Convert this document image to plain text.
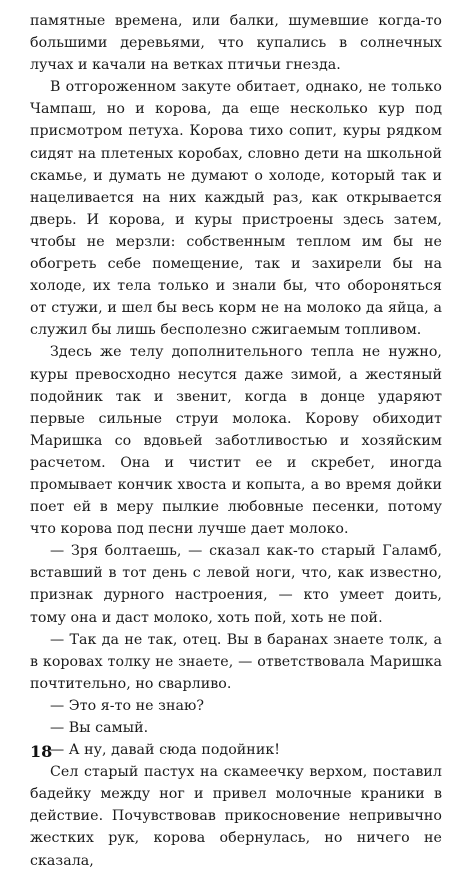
памятные времена, или балки, шумевшие когда-то большими деревьями, что купались в солнечных лучах и качали на ветках птичьи гнезда.

В отгороженном закуте обитает, однако, не только Чампаш, но и корова, да еще несколько кур под присмотром петуха. Корова тихо сопит, куры рядком сидят на плетеных коробах, словно дети на школьной скамье, и думать не думают о холоде, который так и нацеливается на них каждый раз, как открывается дверь. И корова, и куры пристроены здесь затем, чтобы не мерзли: собственным теплом им бы не обогреть себе помещение, так и захирели бы на холоде, их тела только и знали бы, что обороняться от стужи, и шел бы весь корм не на молоко да яйца, а служил бы лишь бесполезно сжигаемым топливом.

Здесь же телу дополнительного тепла не нужно, куры превосходно несутся даже зимой, а жестяный подойник так и звенит, когда в донце ударяют первые сильные струи молока. Корову обиходит Маришка со вдовьей заботливостью и хозяйским расчетом. Она и чистит ее и скребет, иногда промывает кончик хвоста и копыта, а во время дойки поет ей в меру пылкие любовные песенки, потому что корова под песни лучше дает молоко.

— Зря болтаешь, — сказал как-то старый Галамб, вставший в тот день с левой ноги, что, как известно, признак дурного настроения, — кто умеет доить, тому она и даст молоко, хоть пой, хоть не пой.

— Так да не так, отец. Вы в баранах знаете толк, а в коровах толку не знаете, — ответствовала Маришка почтительно, но сварливо.

— Это я-то не знаю?

— Вы самый.

— А ну, давай сюда подойник!

Сел старый пастух на скамеечку верхом, поставил бадейку между ног и привел молочные краники в действие. Почувствовав прикосновение непривычно жестких рук, корова обернулась, но ничего не сказала,

18
